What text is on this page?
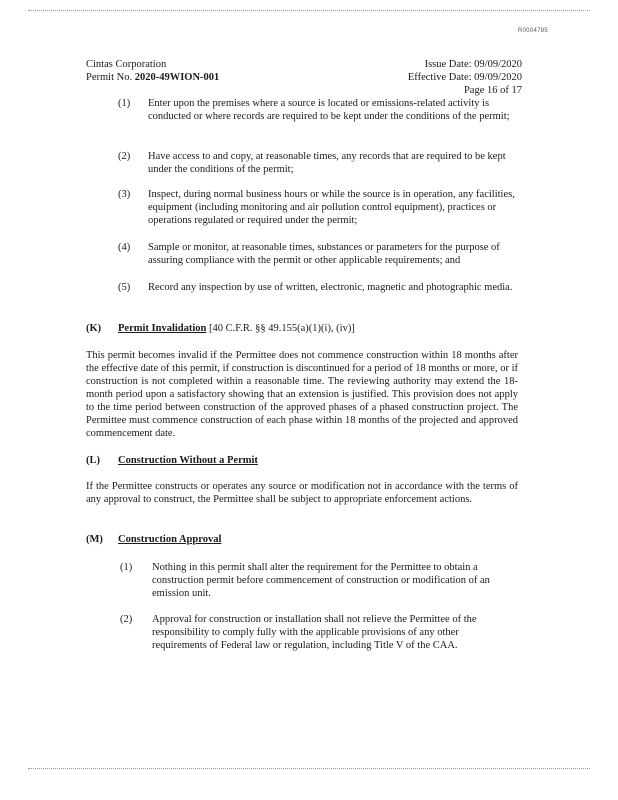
R0004785
Cintas Corporation
Permit No. 2020-49WION-001
Issue Date: 09/09/2020
Effective Date: 09/09/2020
Page 16 of 17
(1) Enter upon the premises where a source is located or emissions-related activity is conducted or where records are required to be kept under the conditions of the permit;
(2) Have access to and copy, at reasonable times, any records that are required to be kept under the conditions of the permit;
(3) Inspect, during normal business hours or while the source is in operation, any facilities, equipment (including monitoring and air pollution control equipment), practices or operations regulated or required under the permit;
(4) Sample or monitor, at reasonable times, substances or parameters for the purpose of assuring compliance with the permit or other applicable requirements; and
(5) Record any inspection by use of written, electronic, magnetic and photographic media.
(K) Permit Invalidation [40 C.F.R. §§ 49.155(a)(1)(i), (iv)]
This permit becomes invalid if the Permittee does not commence construction within 18 months after the effective date of this permit, if construction is discontinued for a period of 18 months or more, or if construction is not completed within a reasonable time. The reviewing authority may extend the 18-month period upon a satisfactory showing that an extension is justified. This provision does not apply to the time period between construction of the approved phases of a phased construction project. The Permittee must commence construction of each phase within 18 months of the projected and approved commencement date.
(L) Construction Without a Permit
If the Permittee constructs or operates any source or modification not in accordance with the terms of any approval to construct, the Permittee shall be subject to appropriate enforcement actions.
(M) Construction Approval
(1) Nothing in this permit shall alter the requirement for the Permittee to obtain a construction permit before commencement of construction or modification of an emission unit.
(2) Approval for construction or installation shall not relieve the Permittee of the responsibility to comply fully with the applicable provisions of any other requirements of Federal law or regulation, including Title V of the CAA.
